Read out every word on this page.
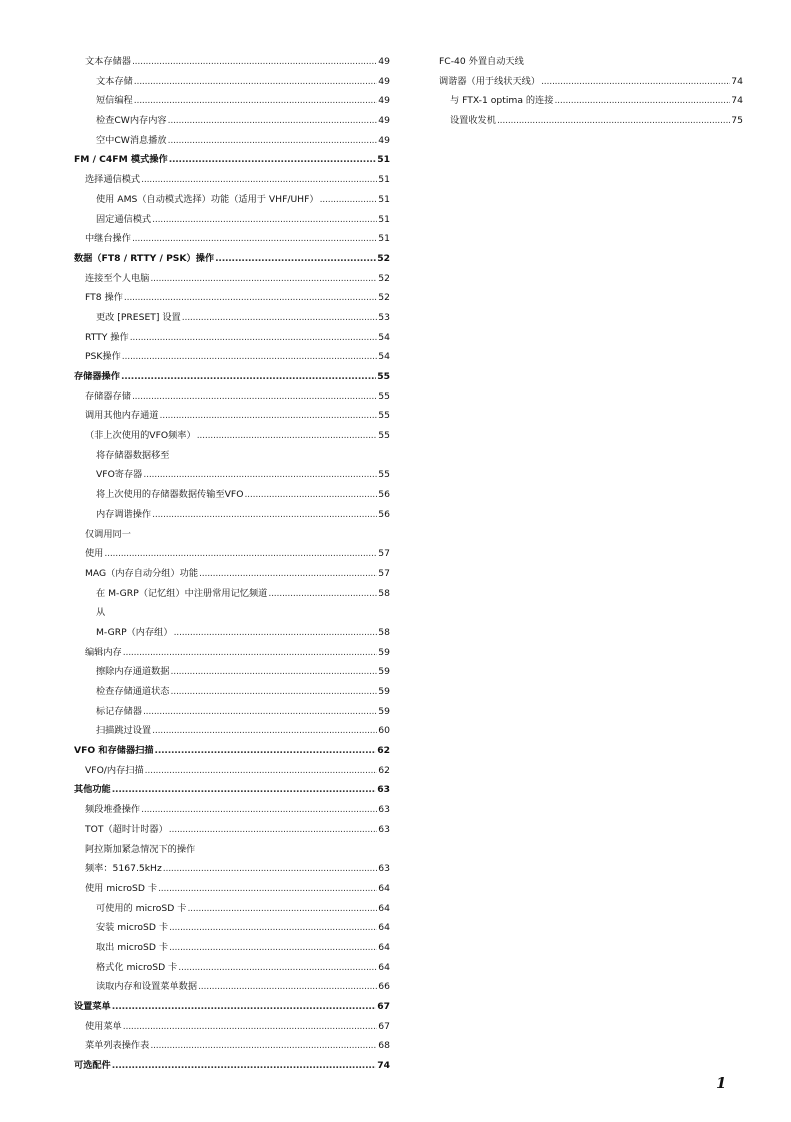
文本存储器 .....	49
文本存储 .....	49
短信编程 .....	49
检查CW内存内容 .....	49
空中CW消息播放 .....	49
FM / C4FM 模式操作 .....	51
选择通信模式 .....	51
使用 AMS（自动模式选择）功能（适用于 VHF/UHF） .....	51
固定通信模式 .....	51
中继台操作 .....	51
数据（FT8 / RTTY / PSK）操作 .....	52
连接至个人电脑 .....	52
FT8 操作 .....	52
更改 [PRESET] 设置 .....	53
RTTY 操作 .....	54
PSK操作 .....	54
存储器操作 .....	55
存储器存储 .....	55
调用其他内存通道 .....	55
（非上次使用的VFO频率） .....	55
将存储器数据移至
VFO寄存器 .....	55
将上次使用的存储器数据传输至VFO .....	56
内存调谐操作 .....	56
仅调用同一
使用 .....	57
MAG（内存自动分组）功能 .....	57
在 M-GRP（记忆组）中注册常用记忆频道 .....	58
从
M-GRP（内存组） .....	58
编辑内存 .....	59
擦除内存通道数据 .....	59
检查存储通道状态 .....	59
标记存储器 .....	59
扫描跳过设置 .....	60
VFO 和存储器扫描 .....	62
VFO/内存扫描 .....	62
其他功能 .....	63
频段堆叠操作 .....	63
TOT（超时计时器） .....	63
阿拉斯加紧急情况下的操作
频率：5167.5kHz .....	63
使用 microSD 卡 .....	64
可使用的 microSD 卡 .....	64
安装 microSD 卡 .....	64
取出 microSD 卡 .....	64
格式化 microSD 卡 .....	64
读取内存和设置菜单数据 .....	66
设置菜单 .....	67
使用菜单 .....	67
菜单列表操作表 .....	68
可选配件 .....	74
FC-40 外置自动天线
调谐器（用于线状天线） .....	74
与 FTX-1 optima 的连接 .....	74
设置收发机 .....	75
1
